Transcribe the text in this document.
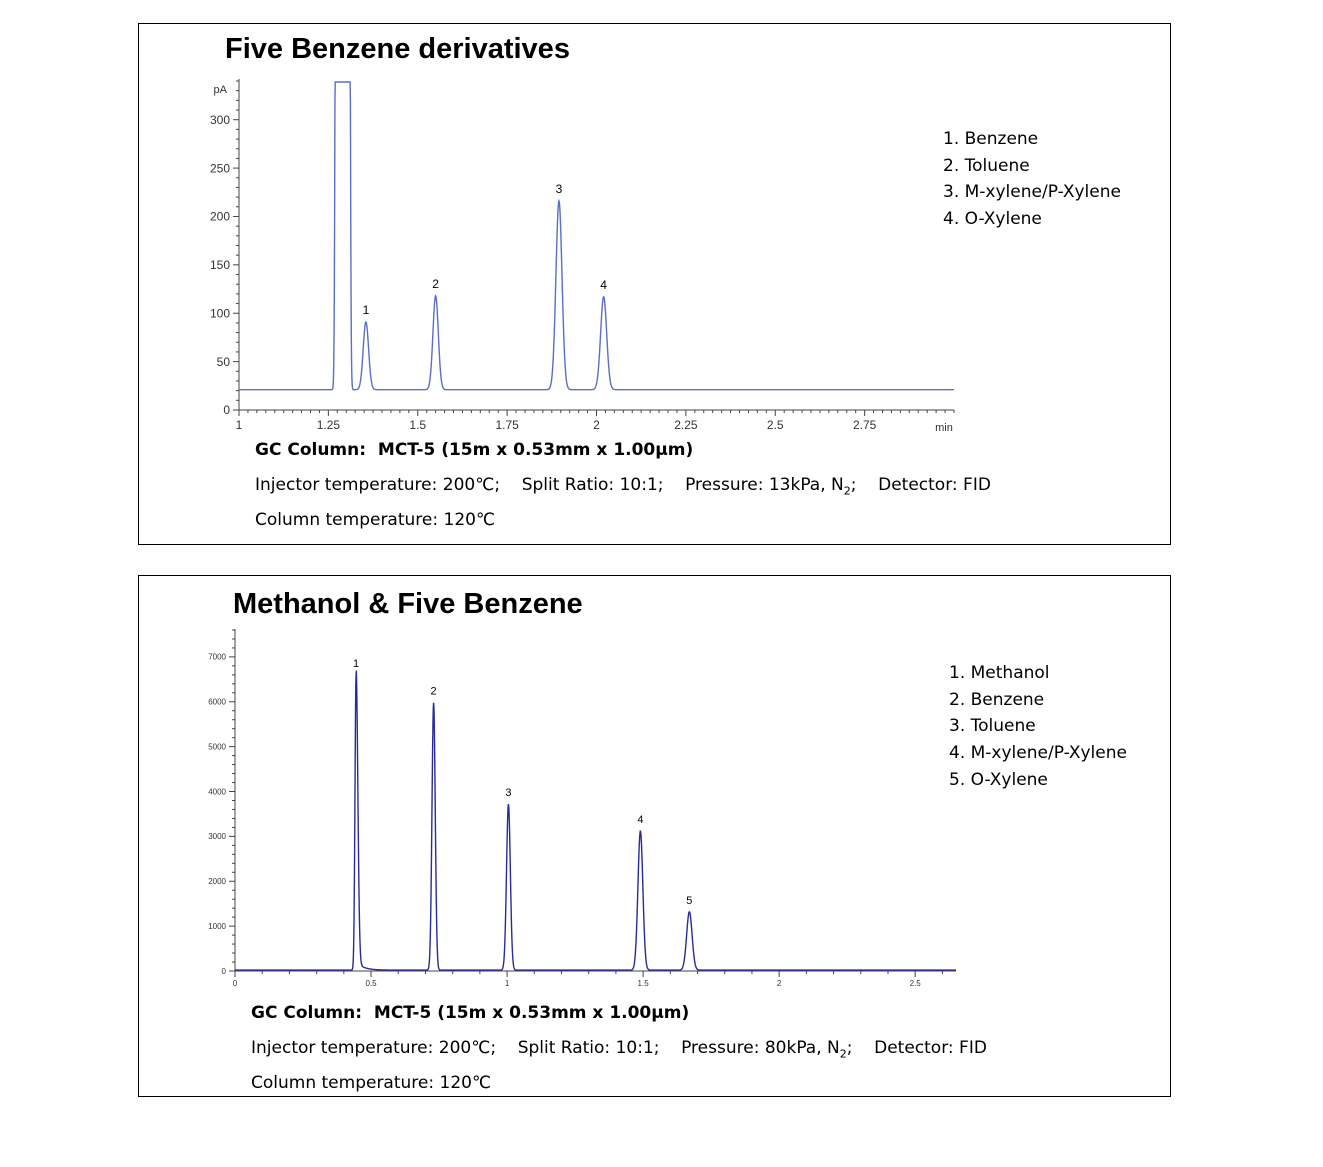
Five Benzene derivatives
1	1.25	1.5	1.75	2	2.25	2.5	2.75	min
0
50
100
150
200
250
300
pA
1
2
3
4
1. Benzene
2. Toluene
3. M-xylene/P-Xylene
4. O-Xylene
GC Column: MCT-5 (15m x 0.53mm x 1.00μm)
Injector temperature: 200℃; Split Ratio: 10:1; Pressure: 13kPa, $N_2$; Detector: FID
Column temperature: 120℃
Methanol & Five Benzene
0	0.5	1	1.5	2	2.5
0
1000
2000
3000
4000
5000
6000
7000
1
2
3
4
5
1. Methanol
2. Benzene
3. Toluene
4. M-xylene/P-Xylene
5. O-Xylene
GC Column: MCT-5 (15m x 0.53mm x 1.00μm)
Injector temperature: 200℃; Split Ratio: 10:1; Pressure: 80kPa, $N_2$; Detector: FID
Column temperature: 120℃
